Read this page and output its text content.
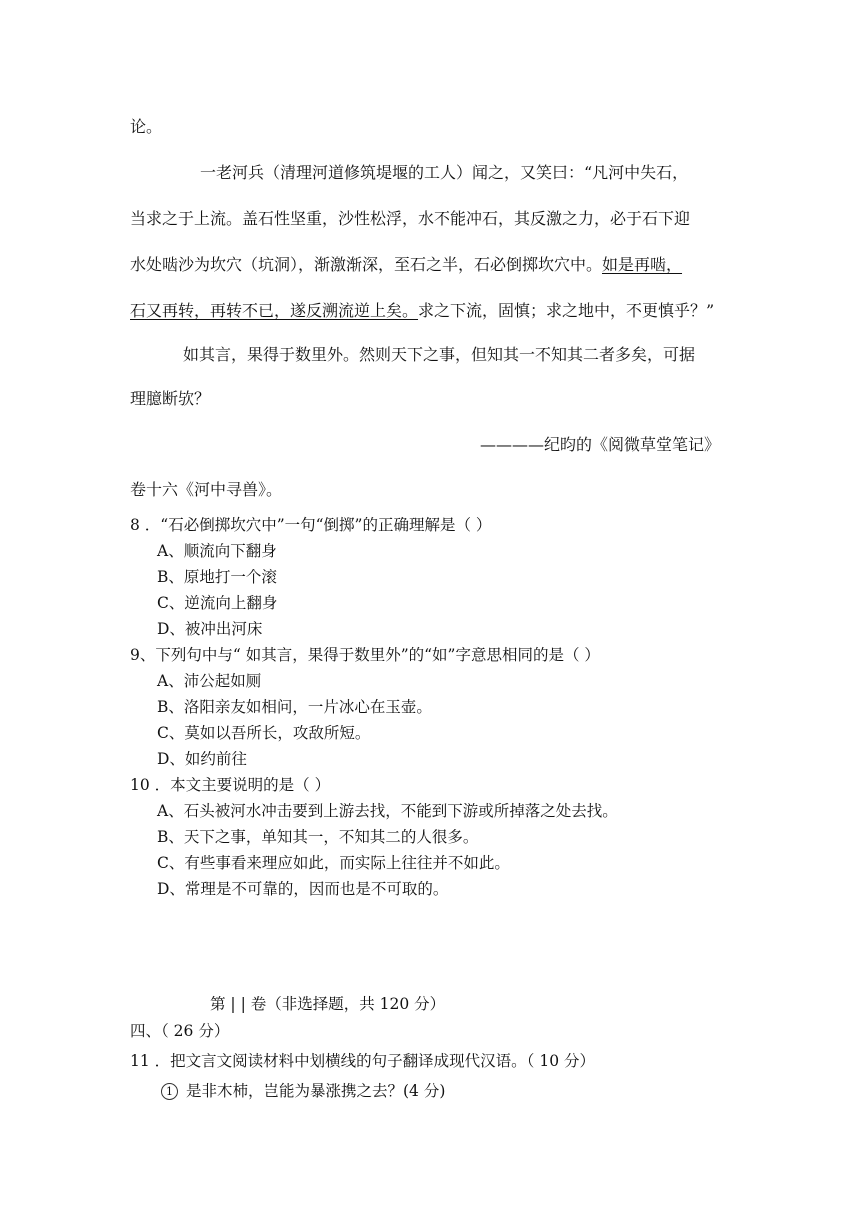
论。
一老河兵（清理河道修筑堤堰的工人）闻之，又笑曰：“凡河中失石，
当求之于上流。盖石性坚重，沙性松浮，水不能冲石，其反激之力，必于石下迎
水处啮沙为坎穴（坑洞），渐激渐深，至石之半，石必倒掷坎穴中。如是再啮，
石又再转，再转不已，遂反溯流逆上矣。求之下流，固慎；求之地中，不更慎乎？”
如其言，果得于数里外。然则天下之事，但知其一不知其二者多矣，可据
理臆断欤？
————纪昀的《阅微草堂笔记》
卷十六《河中寻兽》。
8 ．“石必倒掷坎穴中”一句“倒掷”的正确理解是（ ）
A、顺流向下翻身
B、原地打一个滚
C、逆流向上翻身
D、被冲出河床
9、下列句中与“ 如其言，果得于数里外”的“如”字意思相同的是（ ）
A、沛公起如厕
B、洛阳亲友如相问，一片冰心在玉壶。
C、莫如以吾所长，攻敌所短。
D、如约前往
10 ．本文主要说明的是（ ）
A、石头被河水冲击要到上游去找，不能到下游或所掉落之处去找。
B、天下之事，单知其一，不知其二的人很多。
C、有些事看来理应如此，而实际上往往并不如此。
D、常理是不可靠的，因而也是不可取的。
第 | | 卷（非选择题，共 120 分）
四、（ 26 分）
11 ．把文言文阅读材料中划横线的句子翻译成现代汉语。（ 10 分）
1 是非木杮，岂能为暴涨携之去？(4 分)
